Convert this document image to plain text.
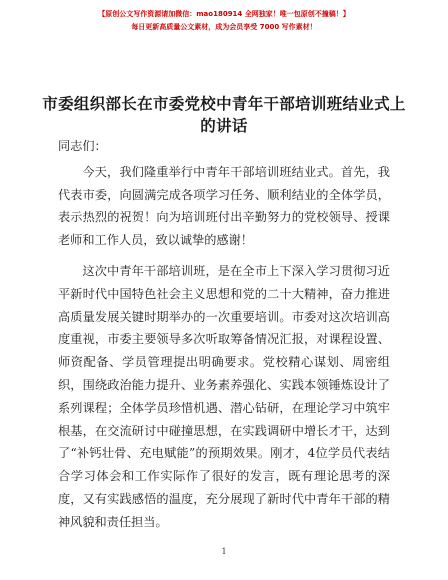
【原创公文写作资源请加微信：mao180914 全网独家！唯一包原创不撞稿！】
每日更新高质量公文素材，成为会员享受 7000 写作素材！
市委组织部长在市委党校中青年干部培训班结业式上的讲话

同志们：

今天，我们隆重举行中青年干部培训班结业式。首先，我代表市委，向圆满完成各项学习任务、顺利结业的全体学员，表示热烈的祝贺！向为培训班付出辛勤努力的党校领导、授课老师和工作人员，致以诚挚的感谢！

这次中青年干部培训班，是在全市上下深入学习贯彻习近平新时代中国特色社会主义思想和党的二十大精神，奋力推进高质量发展关键时期举办的一次重要培训。市委对这次培训高度重视，市委主要领导多次听取筹备情况汇报，对课程设置、师资配备、学员管理提出明确要求。党校精心谋划、周密组织，围绕政治能力提升、业务素养强化、实践本领锤炼设计了系列课程；全体学员珍惜机遇、潜心钻研，在理论学习中筑牢根基，在交流研讨中碰撞思想，在实践调研中增长才干，达到了“补钙壮骨、充电赋能”的预期效果。刚才，4位学员代表结合学习体会和工作实际作了很好的发言，既有理论思考的深度，又有实践感悟的温度，充分展现了新时代中青年干部的精神风貌和责任担当。

1
